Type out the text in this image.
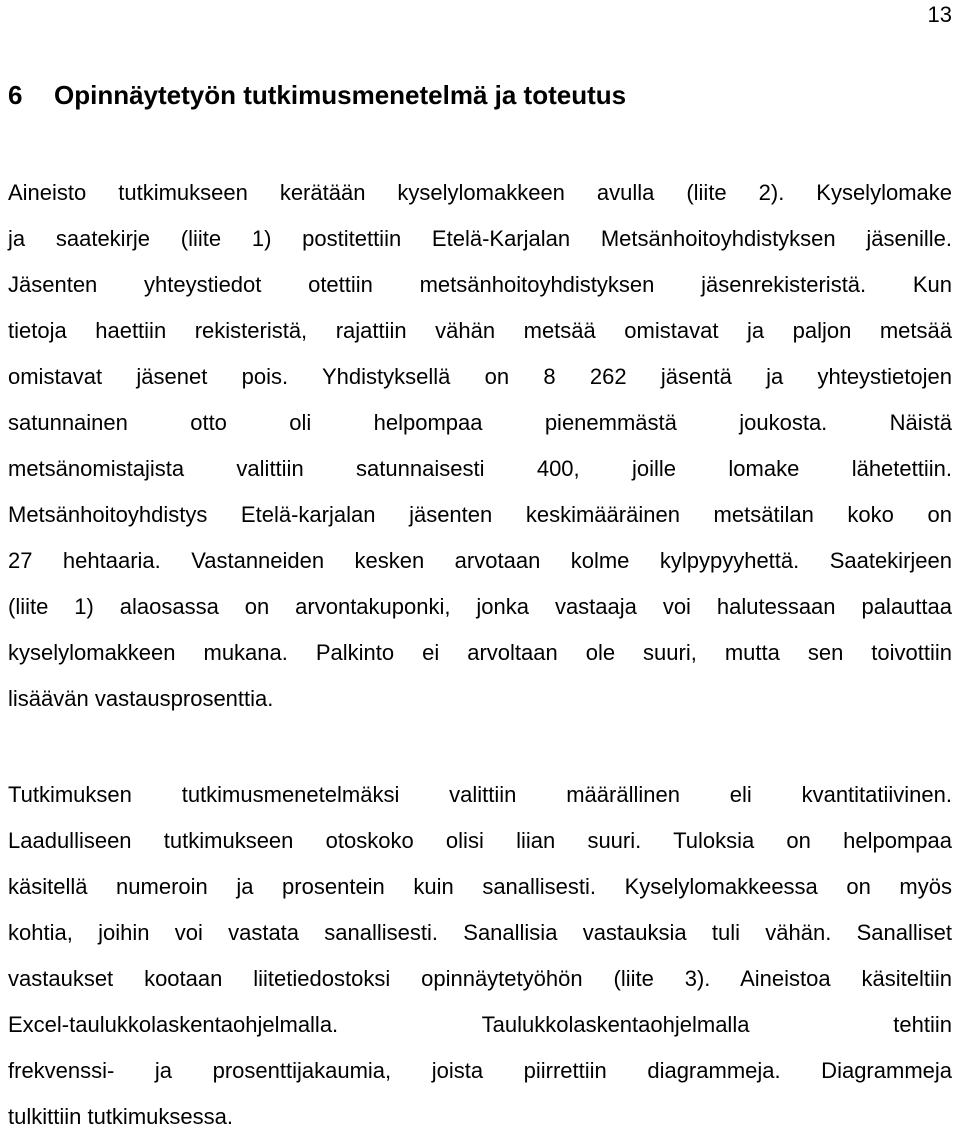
13
6 Opinnäytetyön tutkimusmenetelmä ja toteutus
Aineisto tutkimukseen kerätään kyselylomakkeen avulla (liite 2). Kyselylomake
ja saatekirje (liite 1) postitettiin Etelä-Karjalan Metsänhoitoyhdistyksen jäsenille.
Jäsenten yhteystiedot otettiin metsänhoitoyhdistyksen jäsenrekisteristä. Kun
tietoja haettiin rekisteristä, rajattiin vähän metsää omistavat ja paljon metsää
omistavat jäsenet pois. Yhdistyksellä on 8 262 jäsentä ja yhteystietojen
satunnainen otto oli helpompaa pienemmästä joukosta. Näistä
metsänomistajista valittiin satunnaisesti 400, joille lomake lähetettiin.
Metsänhoitoyhdistys Etelä-karjalan jäsenten keskimääräinen metsätilan koko on
27 hehtaaria. Vastanneiden kesken arvotaan kolme kylpypyyhettä. Saatekirjeen
(liite 1) alaosassa on arvontakuponki, jonka vastaaja voi halutessaan palauttaa
kyselylomakkeen mukana. Palkinto ei arvoltaan ole suuri, mutta sen toivottiin
lisäävän vastausprosenttia.
Tutkimuksen tutkimusmenetelmäksi valittiin määrällinen eli kvantitatiivinen.
Laadulliseen tutkimukseen otoskoko olisi liian suuri. Tuloksia on helpompaa
käsitellä numeroin ja prosentein kuin sanallisesti. Kyselylomakkeessa on myös
kohtia, joihin voi vastata sanallisesti. Sanallisia vastauksia tuli vähän. Sanalliset
vastaukset kootaan liitetiedostoksi opinnäytetyöhön (liite 3). Aineistoa käsiteltiin
Excel-taulukkolaskentaohjelmalla. Taulukkolaskentaohjelmalla tehtiin
frekvenssi- ja prosenttijakaumia, joista piirrettiin diagrammeja. Diagrammeja
tulkittiin tutkimuksessa.
